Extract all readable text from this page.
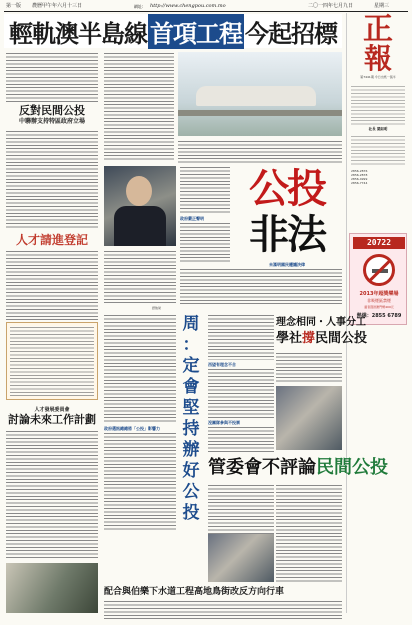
第一版 農曆甲午年六月十三日	網址: http://www.chengpou.com.mo	二〇一四年七月九日	星期三
輕軌澳半島線 首項工程 今起招標 正
報
第7441期 今日出紙一張半
社長 葉紹明
2856-2876
2856-2878
2856-4999
2856-7744
20722
2013年超獎樂場
非吸煙區禁煙
違者罰款澳門幣400元
熱線：2855 6789
反對民間公投
中聯辦支持特區政府立場
人才請進登記
人才發展委員會
討論未來工作計劃
譚俊榮
公投
非法
政府嚴正聲明
未滿明國民權議決律
周
：
定
會
堅
持
辦
好
公
投
政府選訊總總將「公投」影響力
西望有理念不合
理念相同・人事分工
學社撐民間公投
沒團隊參與不投票
管委會不評論民間公投
配合與伯樂下水道工程高地鳥街改反方向行車
